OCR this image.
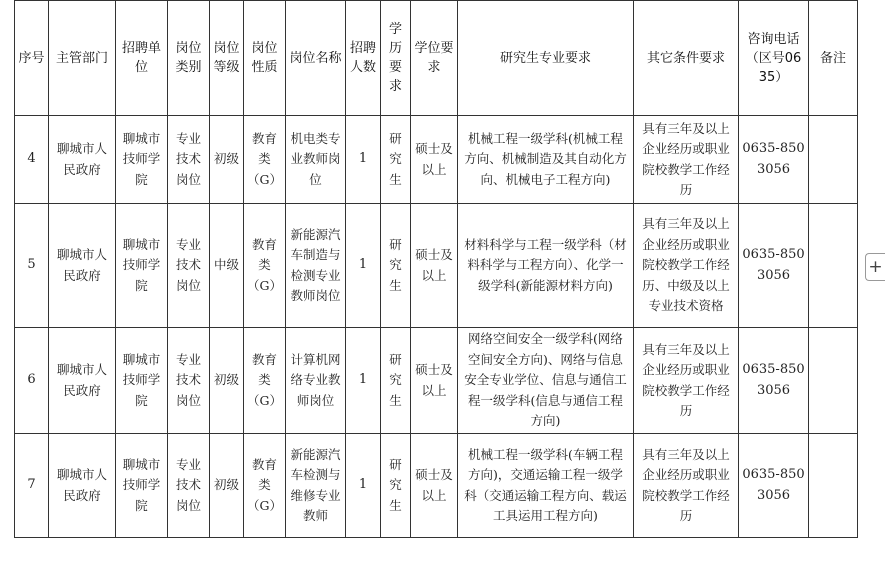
序号	主管部门	招聘单位	岗位类别	岗位等级	岗位性质	岗位名称	招聘人数	学历要求	学位要求	研究生专业要求	其它条件要求	咨询电话（区号0635）	备注
4	聊城市人民政府	聊城市技师学院	专业技术岗位	初级	教育类（G）	机电类专业教师岗位	1	研究生	硕士及以上	机械工程一级学科(机械工程方向、机械制造及其自动化方向、机械电子工程方向)	具有三年及以上企业经历或职业院校教学工作经历	0635-8503056	
5	聊城市人民政府	聊城市技师学院	专业技术岗位	中级	教育类（G）	新能源汽车制造与检测专业教师岗位	1	研究生	硕士及以上	材料科学与工程一级学科（材料科学与工程方向）、化学一级学科(新能源材料方向)	具有三年及以上企业经历或职业院校教学工作经历、中级及以上专业技术资格	0635-8503056	
6	聊城市人民政府	聊城市技师学院	专业技术岗位	初级	教育类（G）	计算机网络专业教师岗位	1	研究生	硕士及以上	网络空间安全一级学科(网络空间安全方向)、网络与信息安全专业学位、信息与通信工程一级学科(信息与通信工程方向)	具有三年及以上企业经历或职业院校教学工作经历	0635-8503056	
7	聊城市人民政府	聊城市技师学院	专业技术岗位	初级	教育类（G）	新能源汽车检测与维修专业教师	1	研究生	硕士及以上	机械工程一级学科(车辆工程方向)，交通运输工程一级学科（交通运输工程方向、载运工具运用工程方向)	具有三年及以上企业经历或职业院校教学工作经历	0635-8503056	
+
